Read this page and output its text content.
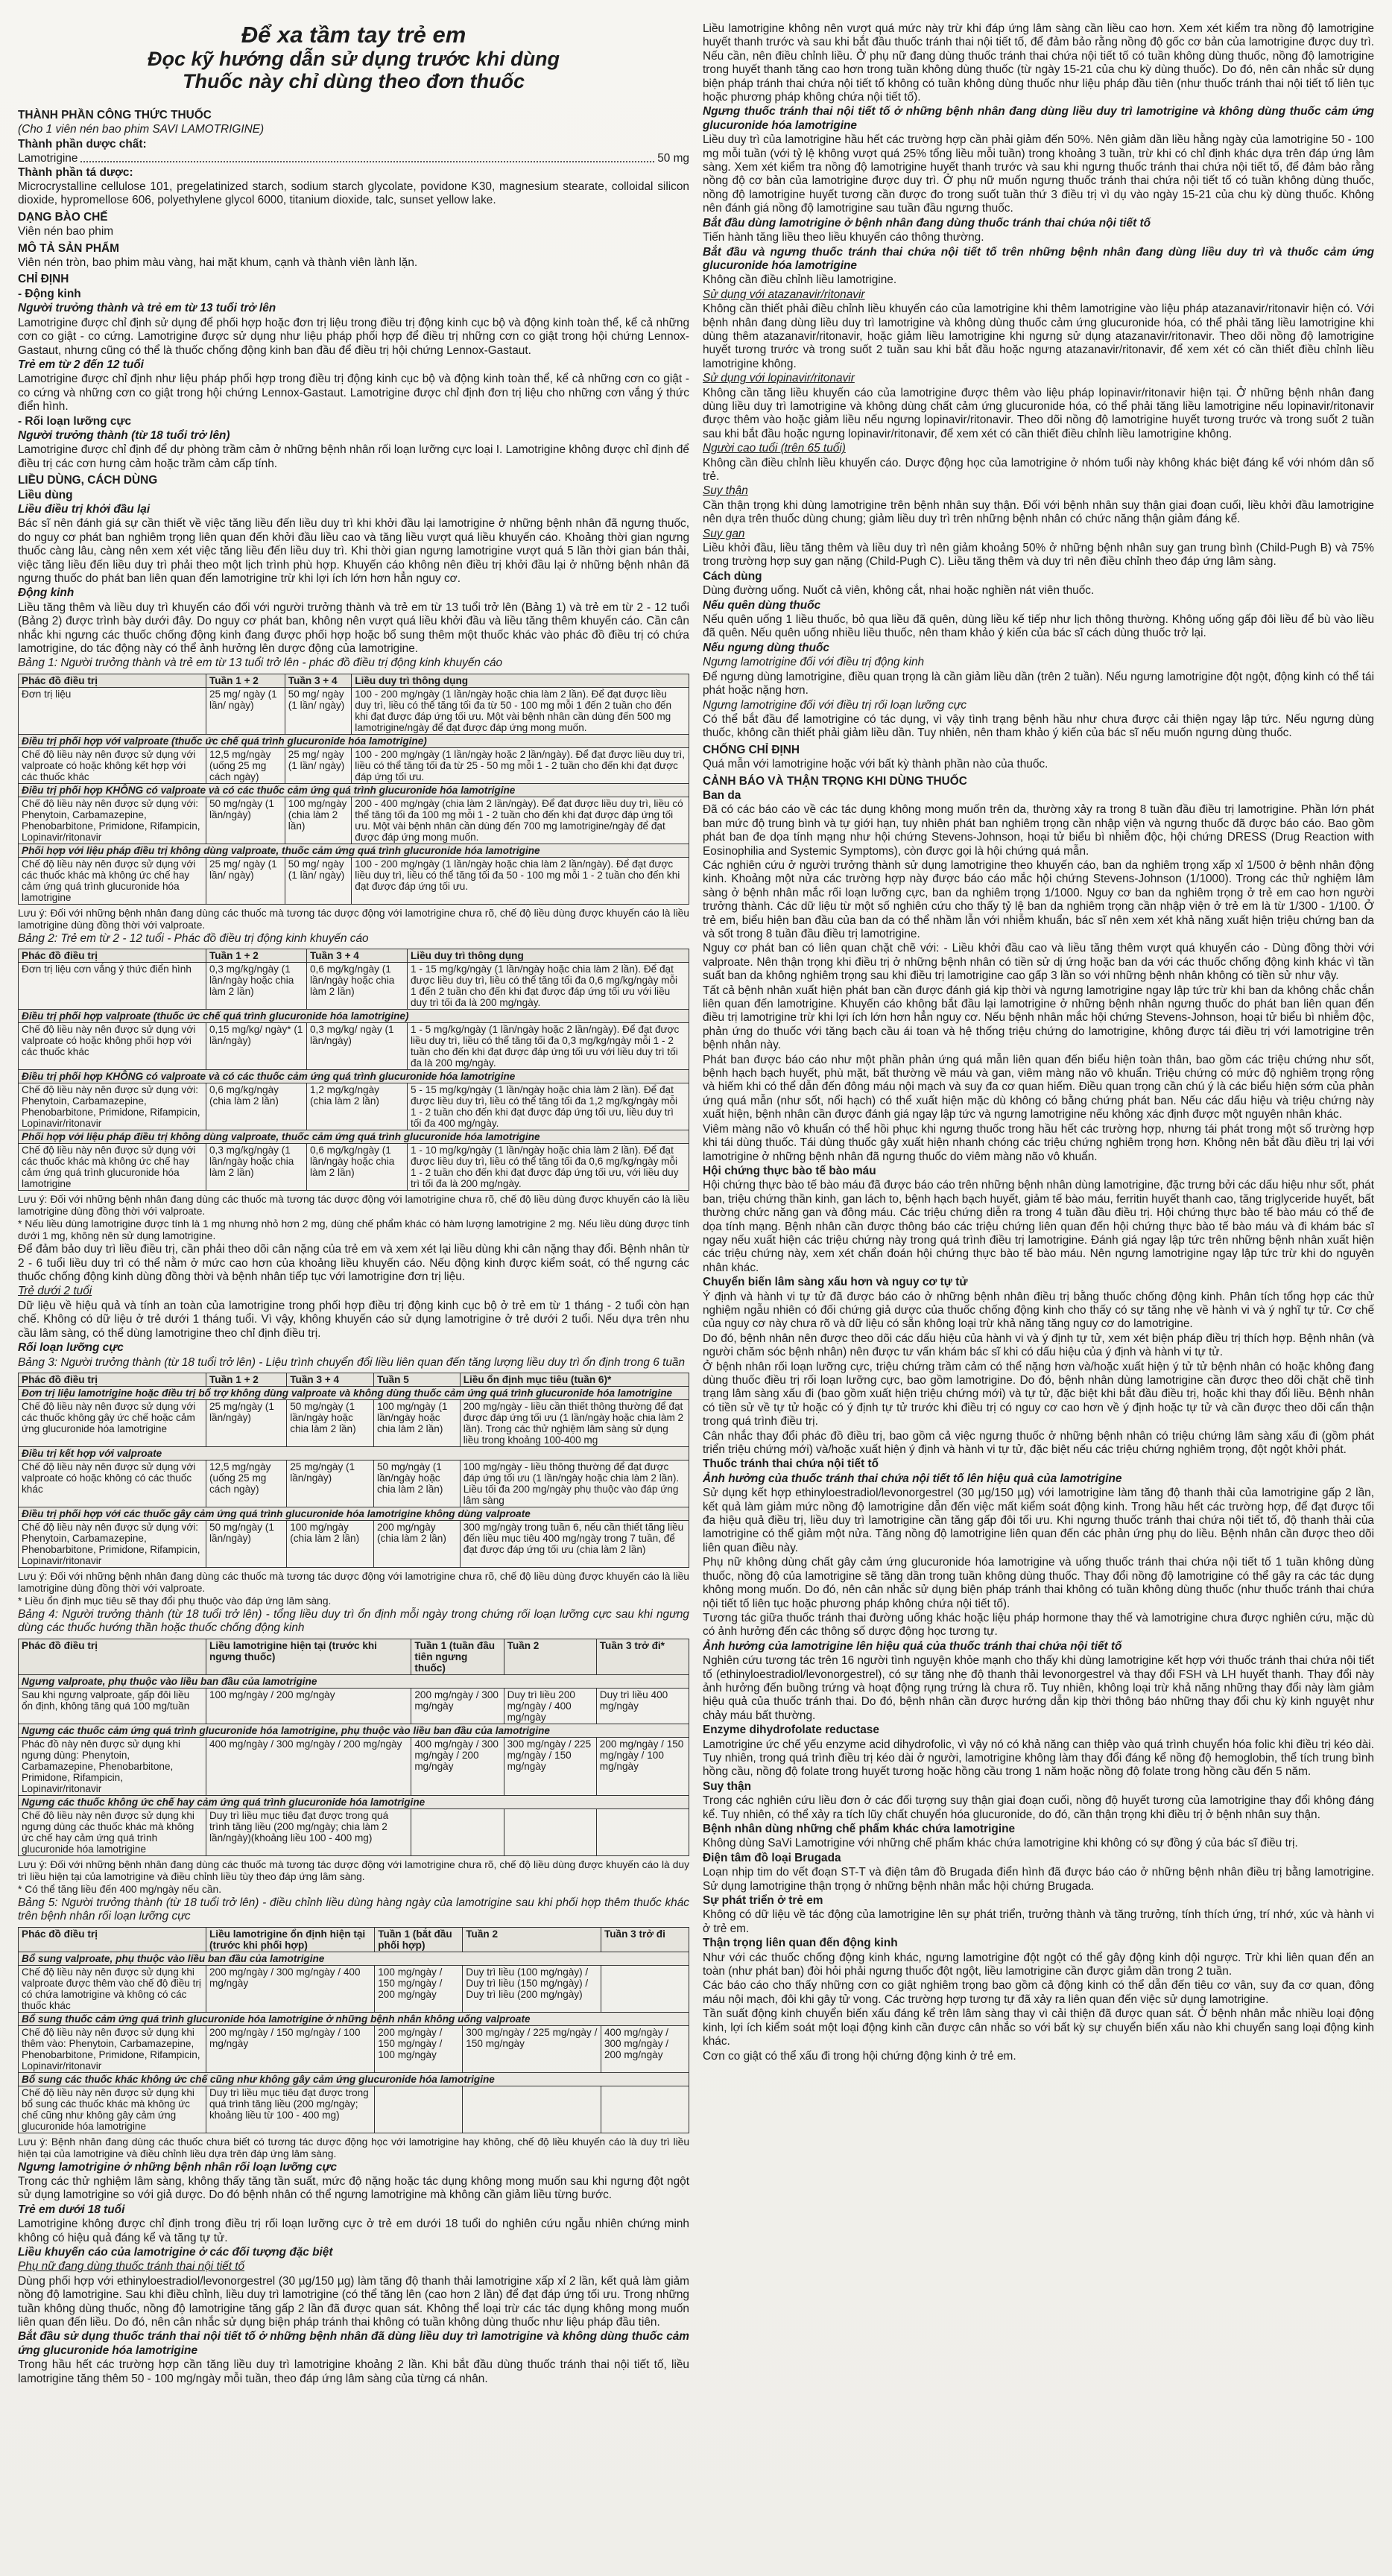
Để xa tầm tay trẻ em
Đọc kỹ hướng dẫn sử dụng trước khi dùng
Thuốc này chỉ dùng theo đơn thuốc
THÀNH PHẦN CÔNG THỨC THUỐC

(Cho 1 viên nén bao phim SAVI LAMOTRIGINE)

Thành phần dược chất:

Lamotrigine	50 mg

Thành phần tá dược:

Microcrystalline cellulose 101, pregelatinized starch, sodium starch glycolate, povidone K30, magnesium stearate, colloidal silicon dioxide, hypromellose 606, polyethylene glycol 6000, titanium dioxide, talc, sunset yellow lake.

DẠNG BÀO CHẾ

Viên nén bao phim

MÔ TẢ SẢN PHẨM

Viên nén tròn, bao phim màu vàng, hai mặt khum, cạnh và thành viên lành lặn.

CHỈ ĐỊNH

- Động kinh

Người trưởng thành và trẻ em từ 13 tuổi trở lên

Lamotrigine được chỉ định sử dụng để phối hợp hoặc đơn trị liệu trong điều trị động kinh cục bộ và động kinh toàn thể, kể cả những cơn co giật - co cứng. Lamotrigine được sử dụng như liệu pháp phối hợp để điều trị những cơn co giật trong hội chứng Lennox-Gastaut, nhưng cũng có thể là thuốc chống động kinh ban đầu để điều trị hội chứng Lennox-Gastaut.

Trẻ em từ 2 đến 12 tuổi

Lamotrigine được chỉ định như liệu pháp phối hợp trong điều trị động kinh cục bộ và động kinh toàn thể, kể cả những cơn co giật - co cứng và những cơn co giật trong hội chứng Lennox-Gastaut. Lamotrigine được chỉ định đơn trị liệu cho những cơn vắng ý thức điển hình.

- Rối loạn lưỡng cực

Người trưởng thành (từ 18 tuổi trở lên)

Lamotrigine được chỉ định để dự phòng trầm cảm ở những bệnh nhân rối loạn lưỡng cực loại I. Lamotrigine không được chỉ định để điều trị các cơn hưng cảm hoặc trầm cảm cấp tính.

LIỀU DÙNG, CÁCH DÙNG

Liều dùng

Liều điều trị khởi đầu lại

Bác sĩ nên đánh giá sự cần thiết về việc tăng liều đến liều duy trì khi khởi đầu lại lamotrigine ở những bệnh nhân đã ngưng thuốc, do nguy cơ phát ban nghiêm trọng liên quan đến khởi đầu liều cao và tăng liều vượt quá liều khuyến cáo. Khoảng thời gian ngưng thuốc càng lâu, càng nên xem xét việc tăng liều đến liều duy trì. Khi thời gian ngưng lamotrigine vượt quá 5 lần thời gian bán thải, việc tăng liều đến liều duy trì phải theo một lịch trình phù hợp. Khuyến cáo không nên điều trị khởi đầu lại ở những bệnh nhân đã ngưng thuốc do phát ban liên quan đến lamotrigine trừ khi lợi ích lớn hơn hẳn nguy cơ.

Động kinh

Liều tăng thêm và liều duy trì khuyến cáo đối với người trưởng thành và trẻ em từ 13 tuổi trở lên (Bảng 1) và trẻ em từ 2 - 12 tuổi (Bảng 2) được trình bày dưới đây. Do nguy cơ phát ban, không nên vượt quá liều khởi đầu và liều tăng thêm khuyến cáo. Cần cân nhắc khi ngưng các thuốc chống động kinh đang được phối hợp hoặc bổ sung thêm một thuốc khác vào phác đồ điều trị có chứa lamotrigine, do tác động này có thể ảnh hưởng lên dược động của lamotrigine.

Bảng 1: Người trưởng thành và trẻ em từ 13 tuổi trở lên - phác đồ điều trị động kinh khuyến cáo

Phác đồ điều trị	Tuần 1 + 2	Tuần 3 + 4	Liều duy trì thông dụng
Đơn trị liệu	25 mg/ ngày (1 lần/ ngày)	50 mg/ ngày (1 lần/ ngày)	100 - 200 mg/ngày (1 lần/ngày hoặc chia làm 2 lần). Để đạt được liều duy trì, liều có thể tăng tối đa từ 50 - 100 mg mỗi 1 đến 2 tuần cho đến khi đạt được đáp ứng tối ưu. Một vài bệnh nhân cần dùng đến 500 mg lamotrigine/ngày để đạt được đáp ứng mong muốn.
Điều trị phối hợp với valproate (thuốc ức chế quá trình glucuronide hóa lamotrigine)			
Chế độ liều này nên được sử dụng với valproate có hoặc không kết hợp với các thuốc khác	12,5 mg/ngày (uống 25 mg cách ngày)	25 mg/ ngày (1 lần/ ngày)	100 - 200 mg/ngày (1 lần/ngày hoặc 2 lần/ngày). Để đạt được liều duy trì, liều có thể tăng tối đa từ 25 - 50 mg mỗi 1 - 2 tuần cho đến khi đạt được đáp ứng tối ưu.
Điều trị phối hợp KHÔNG có valproate và có các thuốc cảm ứng quá trình glucuronide hóa lamotrigine			
Chế độ liều này nên được sử dụng với: Phenytoin, Carbamazepine, Phenobarbitone, Primidone, Rifampicin, Lopinavir/ritonavir	50 mg/ngày (1 lần/ngày)	100 mg/ngày (chia làm 2 lần)	200 - 400 mg/ngày (chia làm 2 lần/ngày). Để đạt được liều duy trì, liều có thể tăng tối đa 100 mg mỗi 1 - 2 tuần cho đến khi đạt được đáp ứng tối ưu. Một vài bệnh nhân cần dùng đến 700 mg lamotrigine/ngày để đạt được đáp ứng mong muốn.
Phối hợp với liệu pháp điều trị không dùng valproate, thuốc cảm ứng quá trình glucuronide hóa lamotrigine			
Chế độ liều này nên được sử dụng với các thuốc khác mà không ức chế hay cảm ứng quá trình glucuronide hóa lamotrigine	25 mg/ ngày (1 lần/ ngày)	50 mg/ ngày (1 lần/ ngày)	100 - 200 mg/ngày (1 lần/ngày hoặc chia làm 2 lần/ngày). Để đạt được liều duy trì, liều có thể tăng tối đa 50 - 100 mg mỗi 1 - 2 tuần cho đến khi đạt được đáp ứng tối ưu.

Lưu ý: Đối với những bệnh nhân đang dùng các thuốc mà tương tác dược động với lamotrigine chưa rõ, chế độ liều dùng được khuyến cáo là liều lamotrigine dùng đồng thời với valproate.

Bảng 2: Trẻ em từ 2 - 12 tuổi - Phác đồ điều trị động kinh khuyến cáo

Phác đồ điều trị	Tuần 1 + 2	Tuần 3 + 4	Liều duy trì thông dụng
Đơn trị liệu cơn vắng ý thức điển hình	0,3 mg/kg/ngày (1 lần/ngày hoặc chia làm 2 lần)	0,6 mg/kg/ngày (1 lần/ngày hoặc chia làm 2 lần)	1 - 15 mg/kg/ngày (1 lần/ngày hoặc chia làm 2 lần). Để đạt được liều duy trì, liều có thể tăng tối đa 0,6 mg/kg/ngày mỗi 1 đến 2 tuần cho đến khi đạt được đáp ứng tối ưu với liều duy trì tối đa là 200 mg/ngày.
Điều trị phối hợp valproate (thuốc ức chế quá trình glucuronide hóa lamotrigine)			
Chế độ liều này nên được sử dụng với valproate có hoặc không phối hợp với các thuốc khác	0,15 mg/kg/ ngày* (1 lần/ngày)	0,3 mg/kg/ ngày (1 lần/ngày)	1 - 5 mg/kg/ngày (1 lần/ngày hoặc 2 lần/ngày). Để đạt được liều duy trì, liều có thể tăng tối đa 0,3 mg/kg/ngày mỗi 1 - 2 tuần cho đến khi đạt được đáp ứng tối ưu với liều duy trì tối đa là 200 mg/ngày.
Điều trị phối hợp KHÔNG có valproate và có các thuốc cảm ứng quá trình glucuronide hóa lamotrigine			
Chế độ liều này nên được sử dụng với: Phenytoin, Carbamazepine, Phenobarbitone, Primidone, Rifampicin, Lopinavir/ritonavir	0,6 mg/kg/ngày (chia làm 2 lần)	1,2 mg/kg/ngày (chia làm 2 lần)	5 - 15 mg/kg/ngày (1 lần/ngày hoặc chia làm 2 lần). Để đạt được liều duy trì, liều có thể tăng tối đa 1,2 mg/kg/ngày mỗi 1 - 2 tuần cho đến khi đạt được đáp ứng tối ưu, liều duy trì tối đa 400 mg/ngày.
Phối hợp với liệu pháp điều trị không dùng valproate, thuốc cảm ứng quá trình glucuronide hóa lamotrigine			
Chế độ liều này nên được sử dụng với các thuốc khác mà không ức chế hay cảm ứng quá trình glucuronide hóa lamotrigine	0,3 mg/kg/ngày (1 lần/ngày hoặc chia làm 2 lần)	0,6 mg/kg/ngày (1 lần/ngày hoặc chia làm 2 lần)	1 - 10 mg/kg/ngày (1 lần/ngày hoặc chia làm 2 lần). Để đạt được liều duy trì, liều có thể tăng tối đa 0,6 mg/kg/ngày mỗi 1 - 2 tuần cho đến khi đạt được đáp ứng tối ưu, với liều duy trì tối đa là 200 mg/ngày.

Lưu ý: Đối với những bệnh nhân đang dùng các thuốc mà tương tác dược động với lamotrigine chưa rõ, chế độ liều dùng được khuyến cáo là liều lamotrigine dùng đồng thời với valproate.

* Nếu liều dùng lamotrigine được tính là 1 mg nhưng nhỏ hơn 2 mg, dùng chế phẩm khác có hàm lượng lamotrigine 2 mg. Nếu liều dùng được tính dưới 1 mg, không nên sử dụng lamotrigine.

Để đảm bảo duy trì liều điều trị, cần phải theo dõi cân nặng của trẻ em và xem xét lại liều dùng khi cân nặng thay đổi. Bệnh nhân từ 2 - 6 tuổi liều duy trì có thể nằm ở mức cao hơn của khoảng liều khuyến cáo. Nếu động kinh được kiểm soát, có thể ngưng các thuốc chống động kinh dùng đồng thời và bệnh nhân tiếp tục với lamotrigine đơn trị liệu.

Trẻ dưới 2 tuổi

Dữ liệu về hiệu quả và tính an toàn của lamotrigine trong phối hợp điều trị động kinh cục bộ ở trẻ em từ 1 tháng - 2 tuổi còn hạn chế. Không có dữ liệu ở trẻ dưới 1 tháng tuổi. Vì vậy, không khuyến cáo sử dụng lamotrigine ở trẻ dưới 2 tuổi. Nếu dựa trên nhu cầu lâm sàng, có thể dùng lamotrigine theo chỉ định điều trị.

Rối loạn lưỡng cực

Bảng 3: Người trưởng thành (từ 18 tuổi trở lên) - Liệu trình chuyển đổi liều liên quan đến tăng lượng liều duy trì ổn định trong 6 tuần

Phác đồ điều trị	Tuần 1 + 2	Tuần 3 + 4	Tuần 5	Liều ổn định mục tiêu (tuần 6)*
Đơn trị liệu lamotrigine hoặc điều trị bổ trợ không dùng valproate và không dùng thuốc cảm ứng quá trình glucuronide hóa lamotrigine				
Chế độ liều này nên được sử dụng với các thuốc không gây ức chế hoặc cảm ứng glucuronide hóa lamotrigine	25 mg/ngày (1 lần/ngày)	50 mg/ngày (1 lần/ngày hoặc chia làm 2 lần)	100 mg/ngày (1 lần/ngày hoặc chia làm 2 lần)	200 mg/ngày - liều cần thiết thông thường để đạt được đáp ứng tối ưu (1 lần/ngày hoặc chia làm 2 lần). Trong các thử nghiệm lâm sàng sử dụng liều trong khoảng 100-400 mg
Điều trị kết hợp với valproate				
Chế độ liều này nên được sử dụng với valproate có hoặc không có các thuốc khác	12,5 mg/ngày (uống 25 mg cách ngày)	25 mg/ngày (1 lần/ngày)	50 mg/ngày (1 lần/ngày hoặc chia làm 2 lần)	100 mg/ngày - liều thông thường để đạt được đáp ứng tối ưu (1 lần/ngày hoặc chia làm 2 lần). Liều tối đa 200 mg/ngày phụ thuộc vào đáp ứng lâm sàng
Điều trị phối hợp với các thuốc gây cảm ứng quá trình glucuronide hóa lamotrigine không dùng valproate				
Chế độ liều này nên được sử dụng với: Phenytoin, Carbamazepine, Phenobarbitone, Primidone, Rifampicin, Lopinavir/ritonavir	50 mg/ngày (1 lần/ngày)	100 mg/ngày (chia làm 2 lần)	200 mg/ngày (chia làm 2 lần)	300 mg/ngày trong tuần 6, nếu cần thiết tăng liều đến liều mục tiêu 400 mg/ngày trong 7 tuần, để đạt được đáp ứng tối ưu (chia làm 2 lần)

Lưu ý: Đối với những bệnh nhân đang dùng các thuốc mà tương tác dược động với lamotrigine chưa rõ, chế độ liều dùng được khuyến cáo là liều lamotrigine dùng đồng thời với valproate.

* Liều ổn định mục tiêu sẽ thay đổi phụ thuộc vào đáp ứng lâm sàng.

Bảng 4: Người trưởng thành (từ 18 tuổi trở lên) - tổng liều duy trì ổn định mỗi ngày trong chứng rối loạn lưỡng cực sau khi ngưng dùng các thuốc hướng thần hoặc thuốc chống động kinh

Phác đồ điều trị	Liều lamotrigine hiện tại (trước khi ngưng thuốc)	Tuần 1 (tuần đầu tiên ngưng thuốc)	Tuần 2	Tuần 3 trở đi*
Ngưng valproate, phụ thuộc vào liều ban đầu của lamotrigine				
Sau khi ngưng valproate, gấp đôi liều ổn định, không tăng quá 100 mg/tuần	100 mg/ngày / 200 mg/ngày	200 mg/ngày / 300 mg/ngày	Duy trì liều 200 mg/ngày / 400 mg/ngày	Duy trì liều 400 mg/ngày
Ngưng các thuốc cảm ứng quá trình glucuronide hóa lamotrigine, phụ thuộc vào liều ban đầu của lamotrigine				
Phác đồ này nên được sử dụng khi ngưng dùng: Phenytoin, Carbamazepine, Phenobarbitone, Primidone, Rifampicin, Lopinavir/ritonavir	400 mg/ngày / 300 mg/ngày / 200 mg/ngày	400 mg/ngày / 300 mg/ngày / 200 mg/ngày	300 mg/ngày / 225 mg/ngày / 150 mg/ngày	200 mg/ngày / 150 mg/ngày / 100 mg/ngày
Ngưng các thuốc không ức chế hay cảm ứng quá trình glucuronide hóa lamotrigine				
Chế độ liều này nên được sử dụng khi ngưng dùng các thuốc khác mà không ức chế hay cảm ứng quá trình glucuronide hóa lamotrigine	Duy trì liều mục tiêu đạt được trong quá trình tăng liều (200 mg/ngày; chia làm 2 lần/ngày)(khoảng liều 100 - 400 mg)			

Lưu ý: Đối với những bệnh nhân đang dùng các thuốc mà tương tác dược động với lamotrigine chưa rõ, chế độ liều dùng được khuyến cáo là duy trì liều hiện tại của lamotrigine và điều chỉnh liều tùy theo đáp ứng lâm sàng.

* Có thể tăng liều đến 400 mg/ngày nếu cần.

Bảng 5: Người trưởng thành (từ 18 tuổi trở lên) - điều chỉnh liều dùng hàng ngày của lamotrigine sau khi phối hợp thêm thuốc khác trên bệnh nhân rối loạn lưỡng cực

Phác đồ điều trị	Liều lamotrigine ổn định hiện tại (trước khi phối hợp)	Tuần 1 (bắt đầu phối hợp)	Tuần 2	Tuần 3 trở đi
Bổ sung valproate, phụ thuộc vào liều ban đầu của lamotrigine				
Chế độ liều này nên được sử dụng khi valproate được thêm vào chế độ điều trị có chứa lamotrigine và không có các thuốc khác	200 mg/ngày / 300 mg/ngày / 400 mg/ngày	100 mg/ngày / 150 mg/ngày / 200 mg/ngày	Duy trì liều (100 mg/ngày) / Duy trì liều (150 mg/ngày) / Duy trì liều (200 mg/ngày)	
Bổ sung thuốc cảm ứng quá trình glucuronide hóa lamotrigine ở những bệnh nhân không uống valproate				
Chế độ liều này nên được sử dụng khi thêm vào: Phenytoin, Carbamazepine, Phenobarbitone, Primidone, Rifampicin, Lopinavir/ritonavir	200 mg/ngày / 150 mg/ngày / 100 mg/ngày	200 mg/ngày / 150 mg/ngày / 100 mg/ngày	300 mg/ngày / 225 mg/ngày / 150 mg/ngày	400 mg/ngày / 300 mg/ngày / 200 mg/ngày
Bổ sung các thuốc khác không ức chế cũng như không gây cảm ứng glucuronide hóa lamotrigine				
Chế độ liều này nên được sử dụng khi bổ sung các thuốc khác mà không ức chế cũng như không gây cảm ứng glucuronide hóa lamotrigine	Duy trì liều mục tiêu đạt được trong quá trình tăng liều (200 mg/ngày; khoảng liều từ 100 - 400 mg)			

Lưu ý: Bệnh nhân đang dùng các thuốc chưa biết có tương tác dược động học với lamotrigine hay không, chế độ liều khuyến cáo là duy trì liều hiện tại của lamotrigine và điều chỉnh liều dựa trên đáp ứng lâm sàng.

Ngưng lamotrigine ở những bệnh nhân rối loạn lưỡng cực

Trong các thử nghiệm lâm sàng, không thấy tăng tần suất, mức độ nặng hoặc tác dụng không mong muốn sau khi ngưng đột ngột sử dụng lamotrigine so với giả dược. Do đó bệnh nhân có thể ngưng lamotrigine mà không cần giảm liều từng bước.

Trẻ em dưới 18 tuổi

Lamotrigine không được chỉ định trong điều trị rối loạn lưỡng cực ở trẻ em dưới 18 tuổi do nghiên cứu ngẫu nhiên chứng minh không có hiệu quả đáng kể và tăng tự tử.

Liều khuyến cáo của lamotrigine ở các đối tượng đặc biệt

Phụ nữ đang dùng thuốc tránh thai nội tiết tố

Dùng phối hợp với ethinyloestradiol/levonorgestrel (30 µg/150 µg) làm tăng độ thanh thải lamotrigine xấp xỉ 2 lần, kết quả làm giảm nồng độ lamotrigine. Sau khi điều chỉnh, liều duy trì lamotrigine (có thể tăng lên (cao hơn 2 lần) để đạt đáp ứng tối ưu. Trong những tuần không dùng thuốc, nồng độ lamotrigine tăng gấp 2 lần đã được quan sát. Không thể loại trừ các tác dụng không mong muốn liên quan đến liều. Do đó, nên cân nhắc sử dụng biện pháp tránh thai không có tuần không dùng thuốc như liệu pháp đầu tiên.

Bắt đầu sử dụng thuốc tránh thai nội tiết tố ở những bệnh nhân đã dùng liều duy trì lamotrigine và không dùng thuốc cảm ứng glucuronide hóa lamotrigine

Trong hầu hết các trường hợp cần tăng liều duy trì lamotrigine khoảng 2 lần. Khi bắt đầu dùng thuốc tránh thai nội tiết tố, liều lamotrigine tăng thêm 50 - 100 mg/ngày mỗi tuần, theo đáp ứng lâm sàng của từng cá nhân.

Liều lamotrigine không nên vượt quá mức này trừ khi đáp ứng lâm sàng cần liều cao hơn. Xem xét kiểm tra nồng độ lamotrigine huyết thanh trước và sau khi bắt đầu thuốc tránh thai nội tiết tố, để đảm bảo rằng nồng độ gốc cơ bản của lamotrigine được duy trì. Nếu cần, nên điều chỉnh liều. Ở phụ nữ đang dùng thuốc tránh thai chứa nội tiết tố có tuần không dùng thuốc, nồng độ lamotrigine trong huyết thanh tăng cao hơn trong tuần không dùng thuốc (từ ngày 15-21 của chu kỳ dùng thuốc). Do đó, nên cân nhắc sử dụng biện pháp tránh thai chứa nội tiết tố không có tuần không dùng thuốc như liệu pháp đầu tiên (như thuốc tránh thai nội tiết tố liên tục hoặc phương pháp không chứa nội tiết tố).

Ngưng thuốc tránh thai nội tiết tố ở những bệnh nhân đang dùng liều duy trì lamotrigine và không dùng thuốc cảm ứng glucuronide hóa lamotrigine

Liều duy trì của lamotrigine hầu hết các trường hợp cần phải giảm đến 50%. Nên giảm dần liều hằng ngày của lamotrigine 50 - 100 mg mỗi tuần (với tỷ lệ không vượt quá 25% tổng liều mỗi tuần) trong khoảng 3 tuần, trừ khi có chỉ định khác dựa trên đáp ứng lâm sàng. Xem xét kiểm tra nồng độ lamotrigine huyết thanh trước và sau khi ngưng thuốc tránh thai chứa nội tiết tố, để đảm bảo rằng nồng độ cơ bản của lamotrigine được duy trì. Ở phụ nữ muốn ngưng thuốc tránh thai chứa nội tiết tố có tuần không dùng thuốc, nồng độ lamotrigine huyết tương cần được đo trong suốt tuần thứ 3 điều trị vì dụ vào ngày 15-21 của chu kỳ dùng thuốc. Không nên đánh giá nồng độ lamotrigine sau tuần đầu ngưng thuốc.

Bắt đầu dùng lamotrigine ở bệnh nhân đang dùng thuốc tránh thai chứa nội tiết tố

Tiến hành tăng liều theo liều khuyến cáo thông thường.

Bắt đầu và ngưng thuốc tránh thai chứa nội tiết tố trên những bệnh nhân đang dùng liều duy trì và thuốc cảm ứng glucuronide hóa lamotrigine

Không cần điều chỉnh liều lamotrigine.

Sử dụng với atazanavir/ritonavir

Không cần thiết phải điều chỉnh liều khuyến cáo của lamotrigine khi thêm lamotrigine vào liệu pháp atazanavir/ritonavir hiện có. Với bệnh nhân đang dùng liều duy trì lamotrigine và không dùng thuốc cảm ứng glucuronide hóa, có thể phải tăng liều lamotrigine khi dùng thêm atazanavir/ritonavir, hoặc giảm liều lamotrigine khi ngưng sử dụng atazanavir/ritonavir. Theo dõi nồng độ lamotrigine huyết tương trước và trong suốt 2 tuần sau khi bắt đầu hoặc ngưng atazanavir/ritonavir, để xem xét có cần thiết điều chỉnh liều lamotrigine không.

Sử dụng với lopinavir/ritonavir

Không cần tăng liều khuyến cáo của lamotrigine được thêm vào liệu pháp lopinavir/ritonavir hiện tại. Ở những bệnh nhân đang dùng liều duy trì lamotrigine và không dùng chất cảm ứng glucuronide hóa, có thể phải tăng liều lamotrigine nếu lopinavir/ritonavir được thêm vào hoặc giảm liều nếu ngưng lopinavir/ritonavir. Theo dõi nồng độ lamotrigine huyết tương trước và trong suốt 2 tuần sau khi bắt đầu hoặc ngưng lopinavir/ritonavir, để xem xét có cần thiết điều chỉnh liều lamotrigine không.

Người cao tuổi (trên 65 tuổi)

Không cần điều chỉnh liều khuyến cáo. Dược động học của lamotrigine ở nhóm tuổi này không khác biệt đáng kể với nhóm dân số trẻ.

Suy thận

Cần thận trọng khi dùng lamotrigine trên bệnh nhân suy thận. Đối với bệnh nhân suy thận giai đoạn cuối, liều khởi đầu lamotrigine nên dựa trên thuốc dùng chung; giảm liều duy trì trên những bệnh nhân có chức năng thận giảm đáng kể.

Suy gan

Liều khởi đầu, liều tăng thêm và liều duy trì nên giảm khoảng 50% ở những bệnh nhân suy gan trung bình (Child-Pugh B) và 75% trong trường hợp suy gan nặng (Child-Pugh C). Liều tăng thêm và duy trì nên điều chỉnh theo đáp ứng lâm sàng.

Cách dùng

Dùng đường uống. Nuốt cả viên, không cắt, nhai hoặc nghiền nát viên thuốc.

Nếu quên dùng thuốc

Nếu quên uống 1 liều thuốc, bỏ qua liều đã quên, dùng liều kế tiếp như lịch thông thường. Không uống gấp đôi liều để bù vào liều đã quên. Nếu quên uống nhiều liều thuốc, nên tham khảo ý kiến của bác sĩ cách dùng thuốc trở lại.

Nếu ngưng dùng thuốc

Ngưng lamotrigine đối với điều trị động kinh

Để ngưng dùng lamotrigine, điều quan trọng là cần giảm liều dần (trên 2 tuần). Nếu ngưng lamotrigine đột ngột, động kinh có thể tái phát hoặc nặng hơn.

Ngưng lamotrigine đối với điều trị rối loạn lưỡng cực

Có thể bắt đầu để lamotrigine có tác dụng, vì vậy tình trạng bệnh hầu như chưa được cải thiện ngay lập tức. Nếu ngưng dùng thuốc, không cần thiết phải giảm liều dần. Tuy nhiên, nên tham khảo ý kiến của bác sĩ nếu muốn ngưng dùng thuốc.

CHỐNG CHỈ ĐỊNH

Quá mẫn với lamotrigine hoặc với bất kỳ thành phần nào của thuốc.

CẢNH BÁO VÀ THẬN TRỌNG KHI DÙNG THUỐC

Ban da

Đã có các báo cáo về các tác dụng không mong muốn trên da, thường xảy ra trong 8 tuần đầu điều trị lamotrigine. Phần lớn phát ban mức độ trung bình và tự giới hạn, tuy nhiên phát ban nghiêm trọng cần nhập viện và ngưng thuốc đã được báo cáo. Bao gồm phát ban đe dọa tính mạng như hội chứng Stevens-Johnson, hoại tử biểu bì nhiễm độc, hội chứng DRESS (Drug Reaction with Eosinophilia and Systemic Symptoms), còn được gọi là hội chứng quá mẫn.

Các nghiên cứu ở người trưởng thành sử dụng lamotrigine theo khuyến cáo, ban da nghiêm trọng xấp xỉ 1/500 ở bệnh nhân động kinh. Khoảng một nửa các trường hợp này được báo cáo mắc hội chứng Stevens-Johnson (1/1000). Trong các thử nghiệm lâm sàng ở bệnh nhân mắc rối loạn lưỡng cực, ban da nghiêm trọng 1/1000. Nguy cơ ban da nghiêm trọng ở trẻ em cao hơn người trưởng thành. Các dữ liệu từ một số nghiên cứu cho thấy tỷ lệ ban da nghiêm trọng cần nhập viện ở trẻ em là từ 1/300 - 1/100. Ở trẻ em, biểu hiện ban đầu của ban da có thể nhầm lẫn với nhiễm khuẩn, bác sĩ nên xem xét khả năng xuất hiện triệu chứng ban da và sốt trong 8 tuần đầu điều trị lamotrigine.

Nguy cơ phát ban có liên quan chặt chẽ với: - Liều khởi đầu cao và liều tăng thêm vượt quá khuyến cáo - Dùng đồng thời với valproate. Nên thận trọng khi điều trị ở những bệnh nhân có tiền sử dị ứng hoặc ban da với các thuốc chống động kinh khác vì tần suất ban da không nghiêm trọng sau khi điều trị lamotrigine cao gấp 3 lần so với những bệnh nhân không có tiền sử như vậy.

Tất cả bệnh nhân xuất hiện phát ban cần được đánh giá kịp thời và ngưng lamotrigine ngay lập tức trừ khi ban da không chắc chắn liên quan đến lamotrigine. Khuyến cáo không bắt đầu lại lamotrigine ở những bệnh nhân ngưng thuốc do phát ban liên quan đến điều trị lamotrigine trừ khi lợi ích lớn hơn hẳn nguy cơ. Nếu bệnh nhân mắc hội chứng Stevens-Johnson, hoại tử biểu bì nhiễm độc, phản ứng do thuốc với tăng bạch cầu ái toan và hệ thống triệu chứng do lamotrigine, không được tái điều trị với lamotrigine trên bệnh nhân này.

Phát ban được báo cáo như một phần phản ứng quá mẫn liên quan đến biểu hiện toàn thân, bao gồm các triệu chứng như sốt, bệnh hạch bạch huyết, phù mặt, bất thường về máu và gan, viêm màng não vô khuẩn. Triệu chứng có mức độ nghiêm trọng rộng và hiếm khi có thể dẫn đến đông máu nội mạch và suy đa cơ quan hiếm. Điều quan trọng cần chú ý là các biểu hiện sớm của phản ứng quá mẫn (như sốt, nổi hạch) có thể xuất hiện mặc dù không có bằng chứng phát ban. Nếu các dấu hiệu và triệu chứng này xuất hiện, bệnh nhân cần được đánh giá ngay lập tức và ngưng lamotrigine nếu không xác định được một nguyên nhân khác.

Viêm màng não vô khuẩn có thể hồi phục khi ngưng thuốc trong hầu hết các trường hợp, nhưng tái phát trong một số trường hợp khi tái dùng thuốc. Tái dùng thuốc gây xuất hiện nhanh chóng các triệu chứng nghiêm trọng hơn. Không nên bắt đầu điều trị lại với lamotrigine ở những bệnh nhân đã ngưng thuốc do viêm màng não vô khuẩn.

Hội chứng thực bào tế bào máu

Hội chứng thực bào tế bào máu đã được báo cáo trên những bệnh nhân dùng lamotrigine, đặc trưng bởi các dấu hiệu như sốt, phát ban, triệu chứng thần kinh, gan lách to, bệnh hạch bạch huyết, giảm tế bào máu, ferritin huyết thanh cao, tăng triglyceride huyết, bất thường chức năng gan và đông máu. Các triệu chứng diễn ra trong 4 tuần đầu điều trị. Hội chứng thực bào tế bào máu có thể đe dọa tính mạng. Bệnh nhân cần được thông báo các triệu chứng liên quan đến hội chứng thực bào tế bào máu và đi khám bác sĩ ngay nếu xuất hiện các triệu chứng này trong quá trình điều trị lamotrigine. Đánh giá ngay lập tức trên những bệnh nhân xuất hiện các triệu chứng này, xem xét chẩn đoán hội chứng thực bào tế bào máu. Nên ngưng lamotrigine ngay lập tức trừ khi do nguyên nhân khác.

Chuyển biến lâm sàng xấu hơn và nguy cơ tự tử

Ý định và hành vi tự tử đã được báo cáo ở những bệnh nhân điều trị bằng thuốc chống động kinh. Phân tích tổng hợp các thử nghiệm ngẫu nhiên có đối chứng giả dược của thuốc chống động kinh cho thấy có sự tăng nhẹ về hành vi và ý nghĩ tự tử. Cơ chế của nguy cơ này chưa rõ và dữ liệu có sẵn không loại trừ khả năng tăng nguy cơ do lamotrigine.

Do đó, bệnh nhân nên được theo dõi các dấu hiệu của hành vi và ý định tự tử, xem xét biện pháp điều trị thích hợp. Bệnh nhân (và người chăm sóc bệnh nhân) nên được tư vấn khám bác sĩ khi có dấu hiệu của ý định và hành vi tự tử.

Ở bệnh nhân rối loạn lưỡng cực, triệu chứng trầm cảm có thể nặng hơn và/hoặc xuất hiện ý tử tử bệnh nhân có hoặc không đang dùng thuốc điều trị rối loạn lưỡng cực, bao gồm lamotrigine. Do đó, bệnh nhân dùng lamotrigine cần được theo dõi chặt chẽ tình trạng lâm sàng xấu đi (bao gồm xuất hiện triệu chứng mới) và tự tử, đặc biệt khi bắt đầu điều trị, hoặc khi thay đổi liều. Bệnh nhân có tiền sử về tự tử hoặc có ý định tự tử trước khi điều trị có nguy cơ cao hơn về ý định hoặc tự tử và cần được theo dõi cẩn thận trong quá trình điều trị.

Cân nhắc thay đổi phác đồ điều trị, bao gồm cả việc ngưng thuốc ở những bệnh nhân có triệu chứng lâm sàng xấu đi (gồm phát triển triệu chứng mới) và/hoặc xuất hiện ý định và hành vi tự tử, đặc biệt nếu các triệu chứng nghiêm trọng, đột ngột khởi phát.

Thuốc tránh thai chứa nội tiết tố

Ảnh hưởng của thuốc tránh thai chứa nội tiết tố lên hiệu quả của lamotrigine

Sử dụng kết hợp ethinyloestradiol/levonorgestrel (30 µg/150 µg) với lamotrigine làm tăng độ thanh thải của lamotrigine gấp 2 lần, kết quả làm giảm mức nồng độ lamotrigine dẫn đến việc mất kiểm soát động kinh. Trong hầu hết các trường hợp, để đạt được tối đa hiệu quả điều trị, liều duy trì lamotrigine cần tăng gấp đôi tối ưu. Khi ngưng thuốc tránh thai chứa nội tiết tố, độ thanh thải của lamotrigine có thể giảm một nửa. Tăng nồng độ lamotrigine liên quan đến các phản ứng phụ do liều. Bệnh nhân cần được theo dõi liên quan điều này.

Phụ nữ không dùng chất gây cảm ứng glucuronide hóa lamotrigine và uống thuốc tránh thai chứa nội tiết tố 1 tuần không dùng thuốc, nồng độ của lamotrigine sẽ tăng dần trong tuần không dùng thuốc. Thay đổi nồng độ lamotrigine có thể gây ra các tác dụng không mong muốn. Do đó, nên cân nhắc sử dụng biện pháp tránh thai không có tuần không dùng thuốc (như thuốc tránh thai chứa nội tiết tố liên tục hoặc phương pháp không chứa nội tiết tố).

Tương tác giữa thuốc tránh thai đường uống khác hoặc liệu pháp hormone thay thế và lamotrigine chưa được nghiên cứu, mặc dù có ảnh hưởng đến các thông số dược động học tương tự.

Ảnh hưởng của lamotrigine lên hiệu quả của thuốc tránh thai chứa nội tiết tố

Nghiên cứu tương tác trên 16 người tình nguyện khỏe mạnh cho thấy khi dùng lamotrigine kết hợp với thuốc tránh thai chứa nội tiết tố (ethinyloestradiol/levonorgestrel), có sự tăng nhẹ độ thanh thải levonorgestrel và thay đổi FSH và LH huyết thanh. Thay đổi này ảnh hưởng đến buồng trứng và hoạt động rụng trứng là chưa rõ. Tuy nhiên, không loại trừ khả năng những thay đổi này làm giảm hiệu quả của thuốc tránh thai. Do đó, bệnh nhân cần được hướng dẫn kịp thời thông báo những thay đổi chu kỳ kinh nguyệt như chảy máu bất thường.

Enzyme dihydrofolate reductase

Lamotrigine ức chế yếu enzyme acid dihydrofolic, vì vậy nó có khả năng can thiệp vào quá trình chuyển hóa folic khi điều trị kéo dài. Tuy nhiên, trong quá trình điều trị kéo dài ở người, lamotrigine không làm thay đổi đáng kể nồng độ hemoglobin, thể tích trung bình hồng cầu, nồng độ folate trong huyết tương hoặc hồng cầu trong 1 năm hoặc nồng độ folate trong hồng cầu đến 5 năm.

Suy thận

Trong các nghiên cứu liều đơn ở các đối tượng suy thận giai đoạn cuối, nồng độ huyết tương của lamotrigine thay đổi không đáng kể. Tuy nhiên, có thể xảy ra tích lũy chất chuyển hóa glucuronide, do đó, cần thận trọng khi điều trị ở bệnh nhân suy thận.

Bệnh nhân dùng những chế phẩm khác chứa lamotrigine

Không dùng SaVi Lamotrigine với những chế phẩm khác chứa lamotrigine khi không có sự đồng ý của bác sĩ điều trị.

Điện tâm đồ loại Brugada

Loạn nhịp tim do vết đoạn ST-T và điện tâm đồ Brugada điển hình đã được báo cáo ở những bệnh nhân điều trị bằng lamotrigine. Sử dụng lamotrigine thận trọng ở những bệnh nhân mắc hội chứng Brugada.

Sự phát triển ở trẻ em

Không có dữ liệu về tác động của lamotrigine lên sự phát triển, trưởng thành và tăng trưởng, tính thích ứng, trí nhớ, xúc và hành vi ở trẻ em.

Thận trọng liên quan đến động kinh

Như với các thuốc chống động kinh khác, ngưng lamotrigine đột ngột có thể gây động kinh dội ngược. Trừ khi liên quan đến an toàn (như phát ban) đòi hỏi phải ngưng thuốc đột ngột, liều lamotrigine cần được giảm dần trong 2 tuần.

Các báo cáo cho thấy những cơn co giật nghiêm trọng bao gồm cả động kinh có thể dẫn đến tiêu cơ vân, suy đa cơ quan, đông máu nội mạch, đôi khi gây tử vong. Các trường hợp tương tự đã xảy ra liên quan đến việc sử dụng lamotrigine.

Tần suất động kinh chuyển biến xấu đáng kể trên lâm sàng thay vì cải thiện đã được quan sát. Ở bệnh nhân mắc nhiều loại động kinh, lợi ích kiểm soát một loại động kinh cần được cân nhắc so với bất kỳ sự chuyển biến xấu nào khi chuyển sang loại động kinh khác.

Cơn co giật có thể xấu đi trong hội chứng động kinh ở trẻ em.
